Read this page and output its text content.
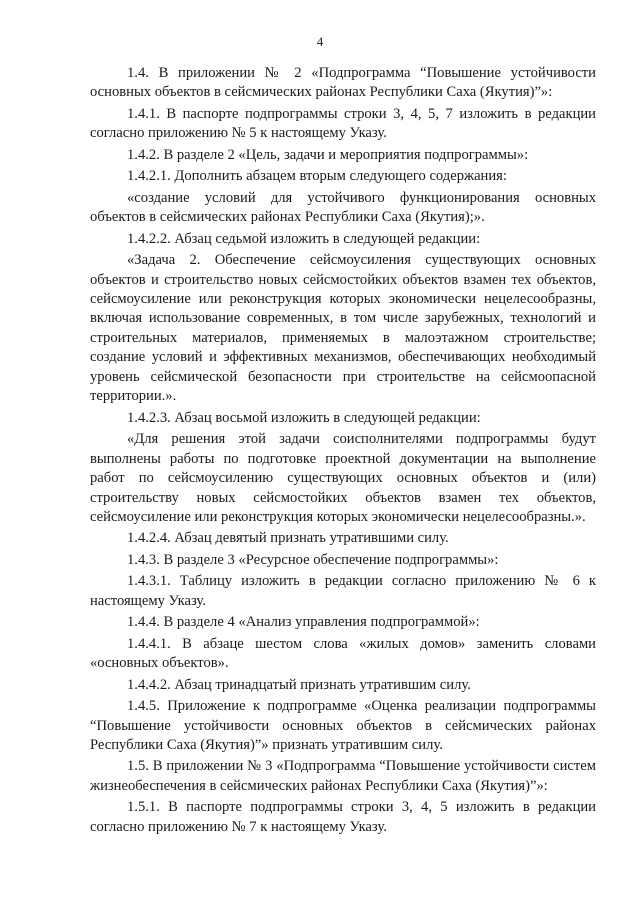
4

1.4. В приложении № 2 «Подпрограмма “Повышение устойчивости основных объектов в сейсмических районах Республики Саха (Якутия)”»:

1.4.1. В паспорте подпрограммы строки 3, 4, 5, 7 изложить в редакции согласно приложению № 5 к настоящему Указу.

1.4.2. В разделе 2 «Цель, задачи и мероприятия подпрограммы»:

1.4.2.1. Дополнить абзацем вторым следующего содержания:

«создание условий для устойчивого функционирования основных объектов в сейсмических районах Республики Саха (Якутия);».

1.4.2.2. Абзац седьмой изложить в следующей редакции:

«Задача 2. Обеспечение сейсмоусиления существующих основных объектов и строительство новых сейсмостойких объектов взамен тех объектов, сейсмоусиление или реконструкция которых экономически нецелесообразны, включая использование современных, в том числе зарубежных, технологий и строительных материалов, применяемых в малоэтажном строительстве; создание условий и эффективных механизмов, обеспечивающих необходимый уровень сейсмической безопасности при строительстве на сейсмоопасной территории.».

1.4.2.3. Абзац восьмой изложить в следующей редакции:

«Для решения этой задачи соисполнителями подпрограммы будут выполнены работы по подготовке проектной документации на выполнение работ по сейсмоусилению существующих основных объектов и (или) строительству новых сейсмостойких объектов взамен тех объектов, сейсмоусиление или реконструкция которых экономически нецелесообразны.».

1.4.2.4. Абзац девятый признать утратившими силу.

1.4.3. В разделе 3 «Ресурсное обеспечение подпрограммы»:

1.4.3.1. Таблицу изложить в редакции согласно приложению № 6 к настоящему Указу.

1.4.4. В разделе 4 «Анализ управления подпрограммой»:

1.4.4.1. В абзаце шестом слова «жилых домов» заменить словами «основных объектов».

1.4.4.2. Абзац тринадцатый признать утратившим силу.

1.4.5. Приложение к подпрограмме «Оценка реализации подпрограммы “Повышение устойчивости основных объектов в сейсмических районах Республики Саха (Якутия)”» признать утратившим силу.

1.5. В приложении № 3 «Подпрограмма “Повышение устойчивости систем жизнеобеспечения в сейсмических районах Республики Саха (Якутия)”»:

1.5.1. В паспорте подпрограммы строки 3, 4, 5 изложить в редакции согласно приложению № 7 к настоящему Указу.
